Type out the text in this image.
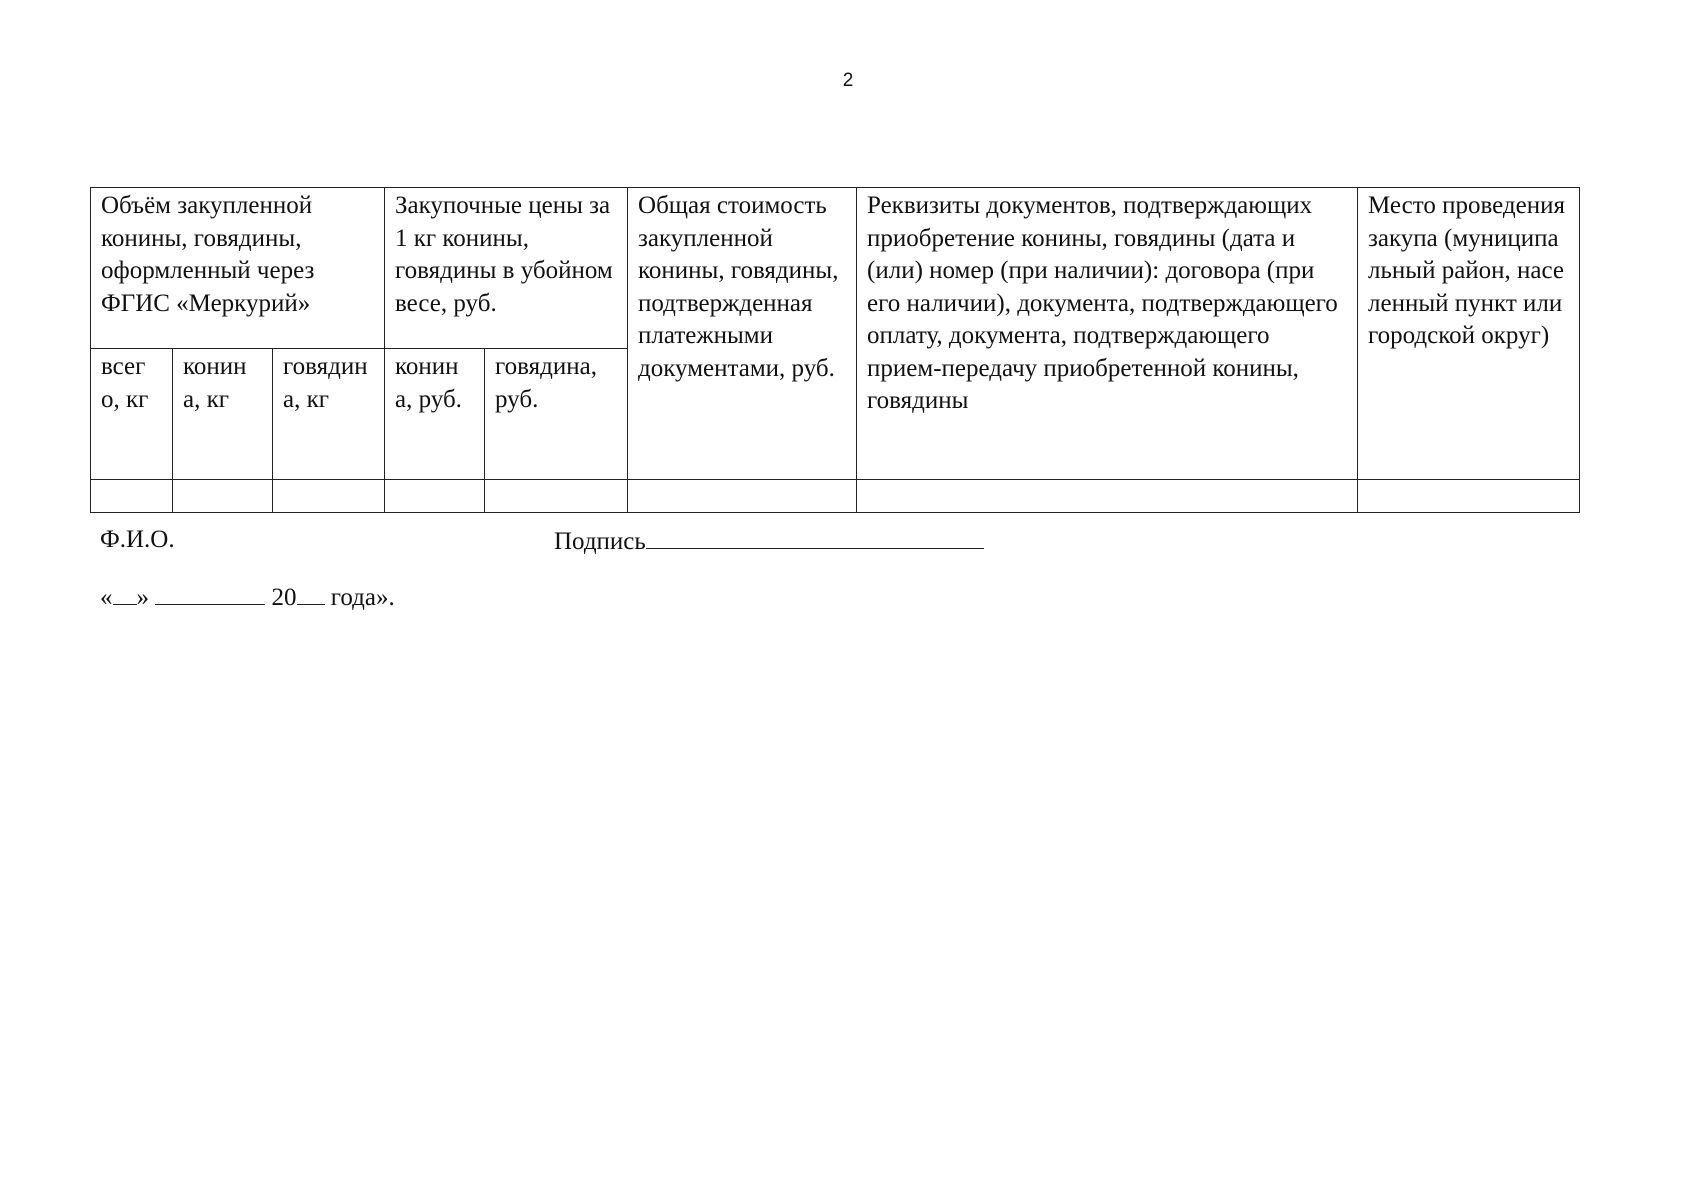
2
Объём закупленной конины, говядины, оформленный через ФГИС «Меркурий»			Закупочные цены за 1 кг конины, говядины в убойном весе, руб.		Общая стоимость закупленной конины, говядины, подтвержденная платежными документами, руб.	Реквизиты документов, подтверждающих приобретение конины, говядины (дата и (или) номер (при наличии): договора (при его наличии), документа, подтверждающего оплату, документа, подтверждающего прием-передачу приобретенной конины, говядины	Место проведения закупа (муниципальный район, населенный пункт или городской округ)
всего, кг	конина, кг	говядина, кг	конина, руб.	говядина, руб.			

Ф.И.О.	Подпись
« »	20 года».
